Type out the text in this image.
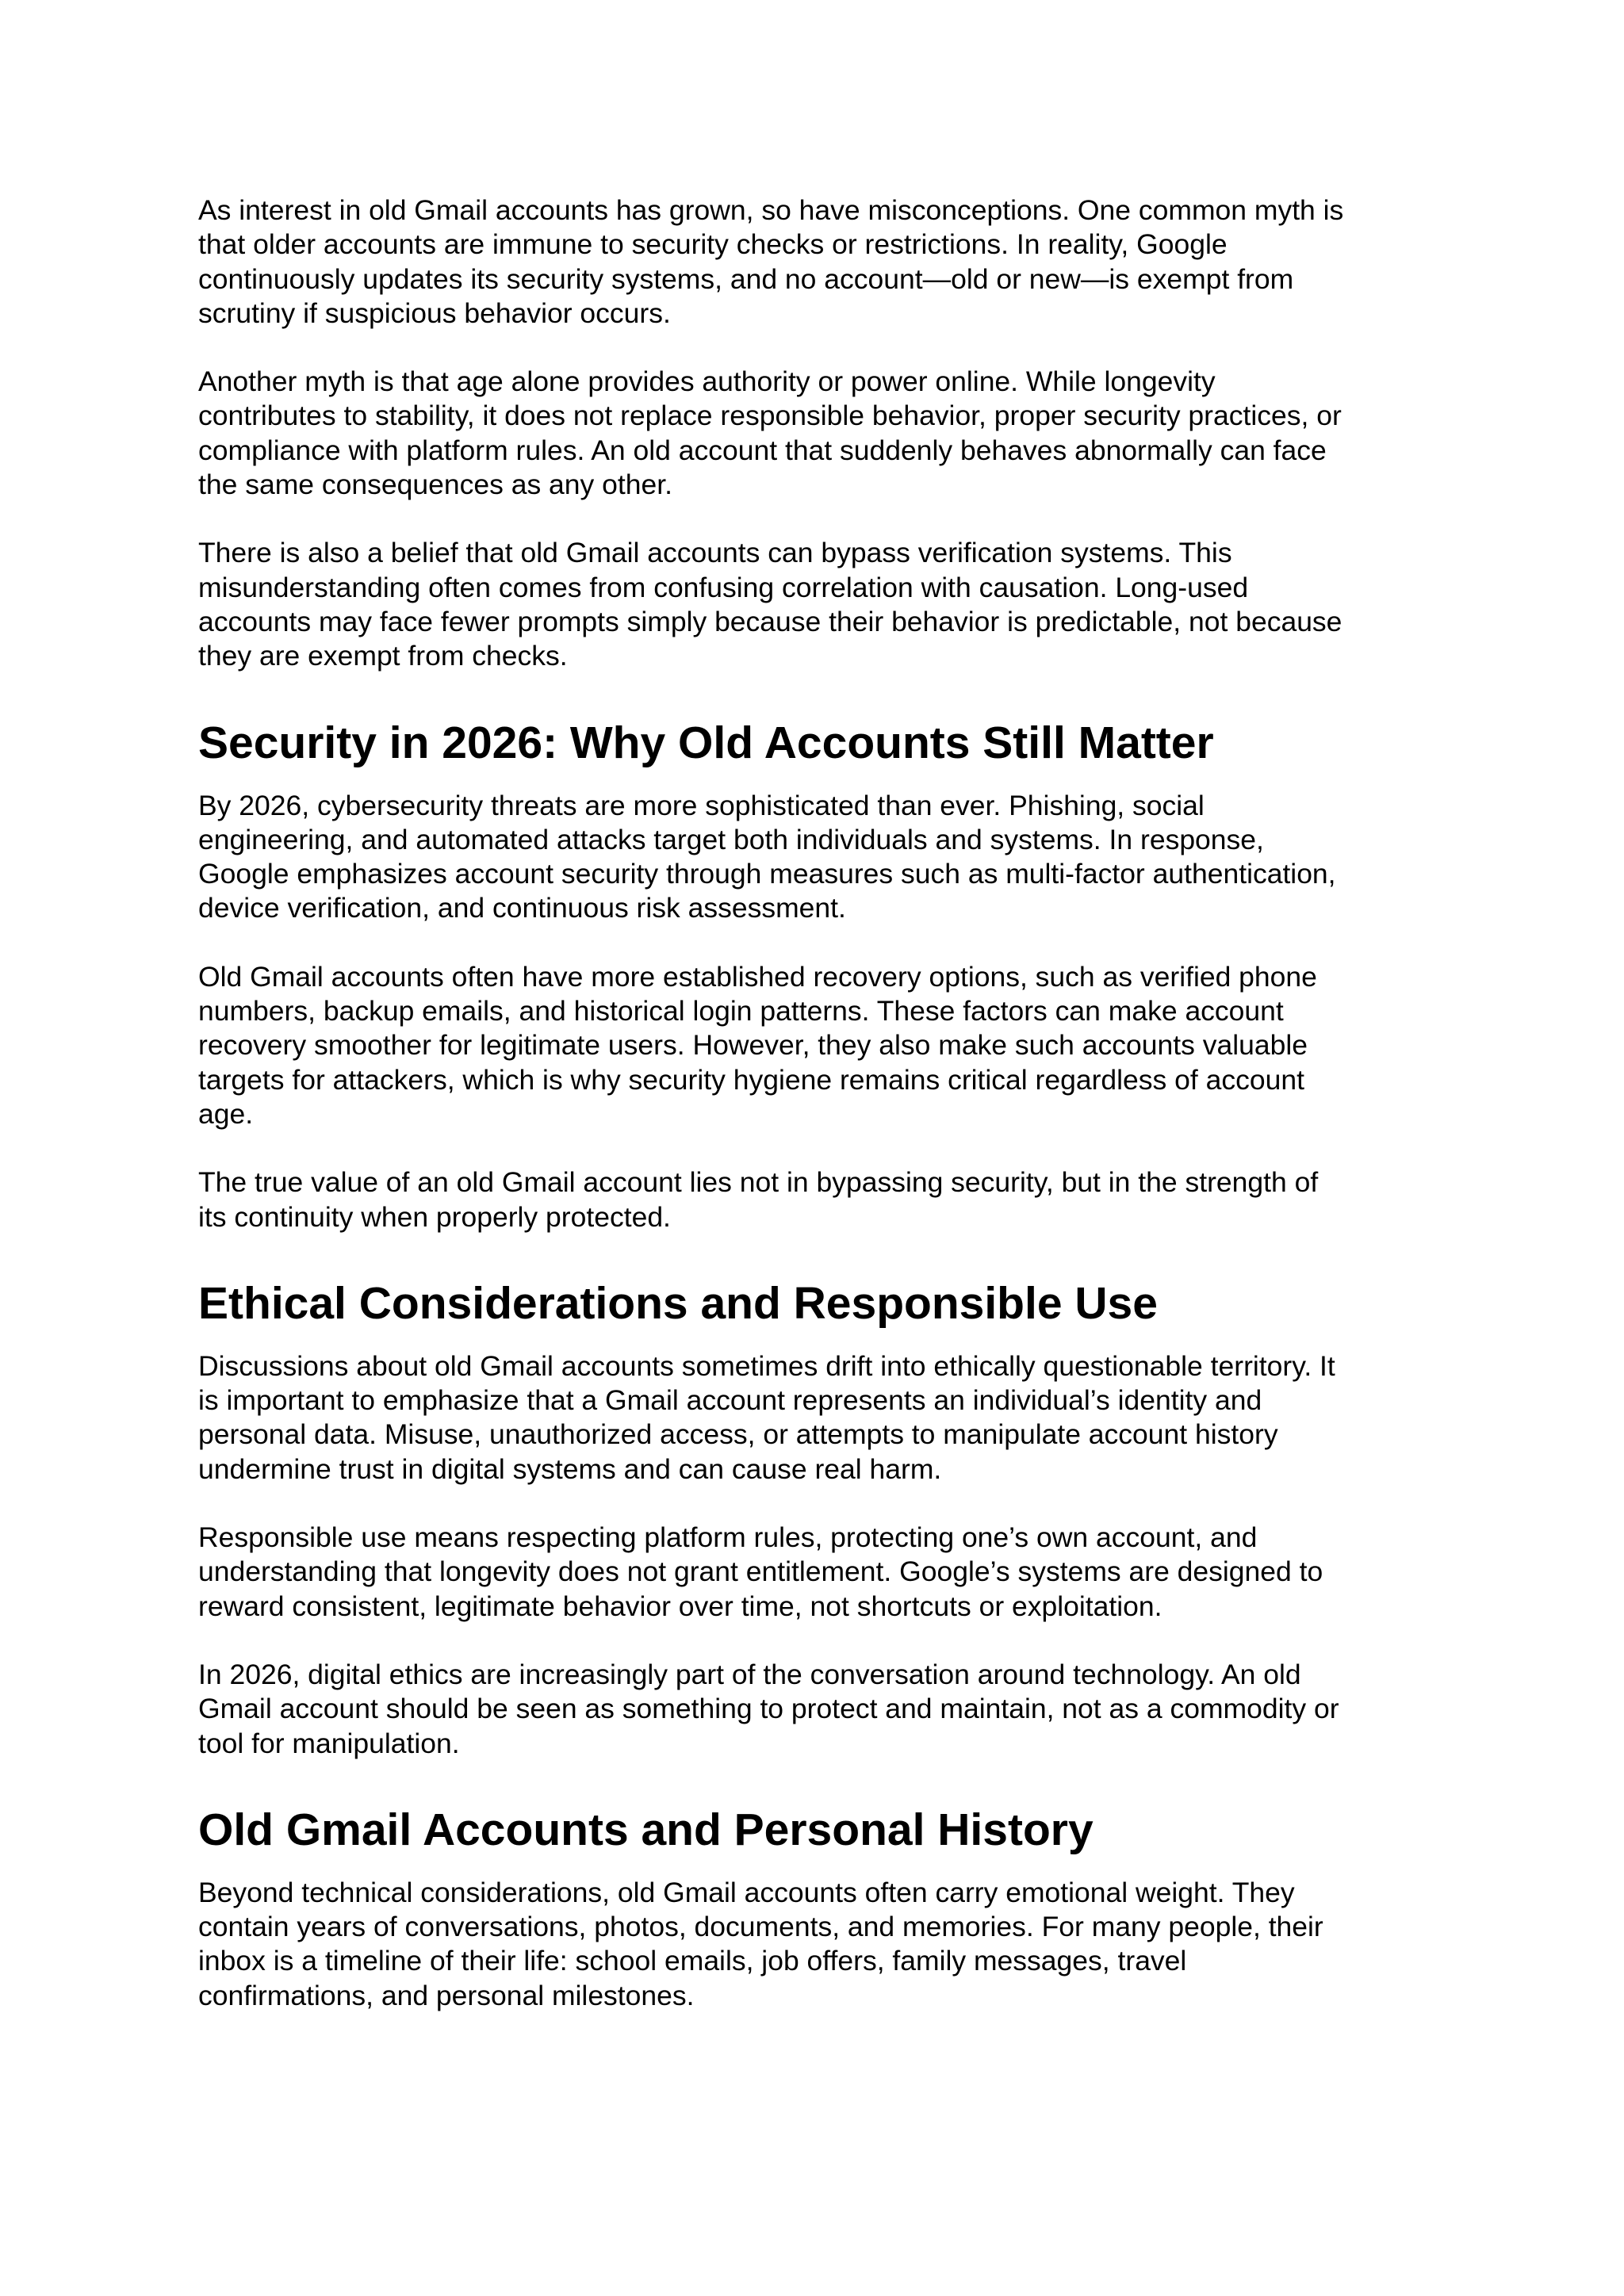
As interest in old Gmail accounts has grown, so have misconceptions. One common myth is
that older accounts are immune to security checks or restrictions. In reality, Google
continuously updates its security systems, and no account—old or new—is exempt from
scrutiny if suspicious behavior occurs.

Another myth is that age alone provides authority or power online. While longevity
contributes to stability, it does not replace responsible behavior, proper security practices, or
compliance with platform rules. An old account that suddenly behaves abnormally can face
the same consequences as any other.

There is also a belief that old Gmail accounts can bypass verification systems. This
misunderstanding often comes from confusing correlation with causation. Long-used
accounts may face fewer prompts simply because their behavior is predictable, not because
they are exempt from checks.

Security in 2026: Why Old Accounts Still Matter

By 2026, cybersecurity threats are more sophisticated than ever. Phishing, social
engineering, and automated attacks target both individuals and systems. In response,
Google emphasizes account security through measures such as multi-factor authentication,
device verification, and continuous risk assessment.

Old Gmail accounts often have more established recovery options, such as verified phone
numbers, backup emails, and historical login patterns. These factors can make account
recovery smoother for legitimate users. However, they also make such accounts valuable
targets for attackers, which is why security hygiene remains critical regardless of account
age.

The true value of an old Gmail account lies not in bypassing security, but in the strength of
its continuity when properly protected.

Ethical Considerations and Responsible Use

Discussions about old Gmail accounts sometimes drift into ethically questionable territory. It
is important to emphasize that a Gmail account represents an individual’s identity and
personal data. Misuse, unauthorized access, or attempts to manipulate account history
undermine trust in digital systems and can cause real harm.

Responsible use means respecting platform rules, protecting one’s own account, and
understanding that longevity does not grant entitlement. Google’s systems are designed to
reward consistent, legitimate behavior over time, not shortcuts or exploitation.

In 2026, digital ethics are increasingly part of the conversation around technology. An old
Gmail account should be seen as something to protect and maintain, not as a commodity or
tool for manipulation.

Old Gmail Accounts and Personal History

Beyond technical considerations, old Gmail accounts often carry emotional weight. They
contain years of conversations, photos, documents, and memories. For many people, their
inbox is a timeline of their life: school emails, job offers, family messages, travel
confirmations, and personal milestones.
